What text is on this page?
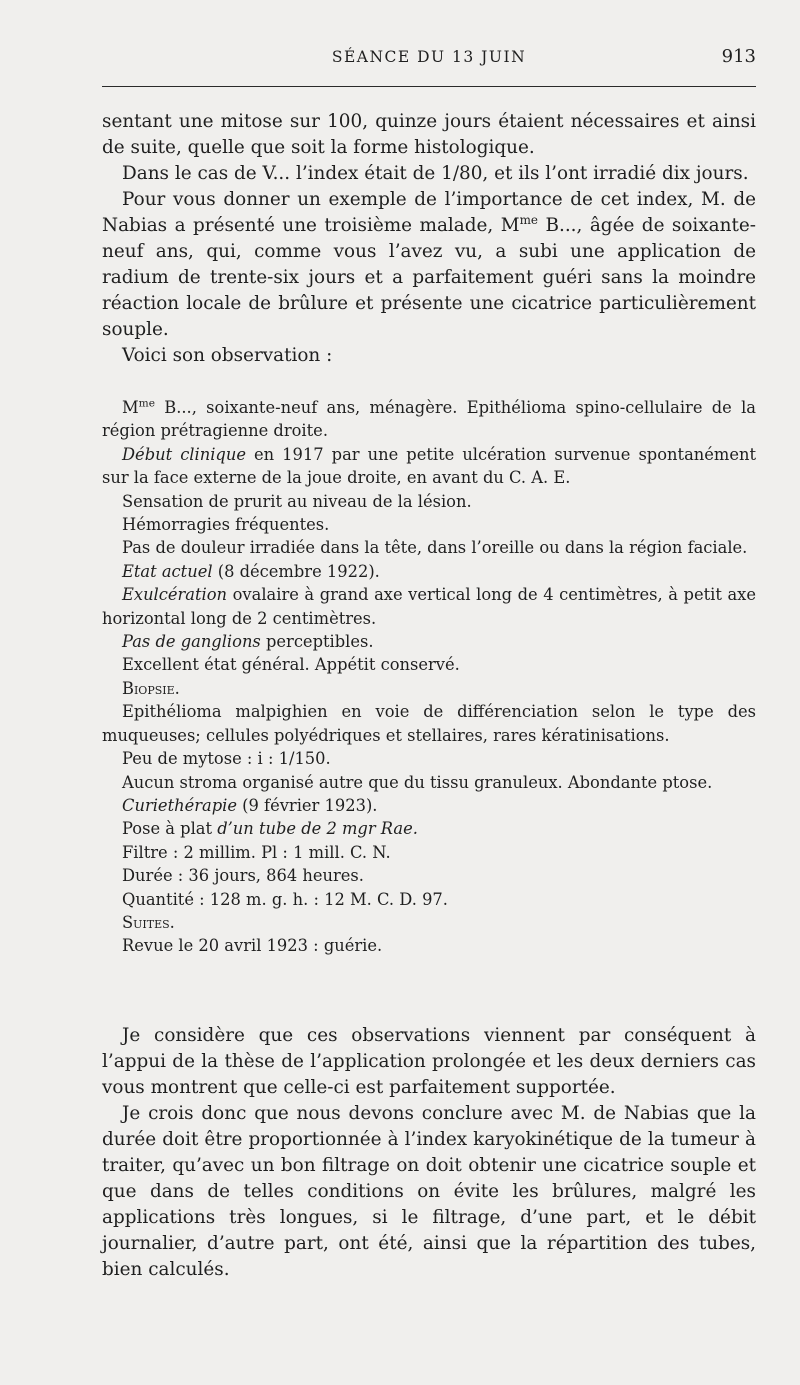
SÉANCE DU 13 JUIN	913

sentant une mitose sur 100, quinze jours étaient nécessaires et ainsi de suite, quelle que soit la forme histologique.

Dans le cas de V... l’index était de 1/80, et ils l’ont irradié dix jours.

Pour vous donner un exemple de l’importance de cet index, M. de Nabias a présenté une troisième malade, $M^{me}$ B..., âgée de soixante-neuf ans, qui, comme vous l’avez vu, a subi une application de radium de trente-six jours et a parfaitement guéri sans la moindre réaction locale de brûlure et présente une cicatrice particulièrement souple.

Voici son observation :

$M^{me}$ B..., soixante-neuf ans, ménagère. Epithélioma spino-cellulaire de la région prétragienne droite.

Début clinique en 1917 par une petite ulcération survenue spontanément sur la face externe de la joue droite, en avant du C. A. E.

Sensation de prurit au niveau de la lésion.

Hémorragies fréquentes.

Pas de douleur irradiée dans la tête, dans l’oreille ou dans la région faciale.

Etat actuel (8 décembre 1922).

Exulcération ovalaire à grand axe vertical long de 4 centimètres, à petit axe horizontal long de 2 centimètres.

Pas de ganglions perceptibles.

Excellent état général. Appétit conservé.

Biopsie.

Epithélioma malpighien en voie de différenciation selon le type des muqueuses; cellules polyédriques et stellaires, rares kératinisations.

Peu de mytose : i : 1/150.

Aucun stroma organisé autre que du tissu granuleux. Abondante ptose.

Curiethérapie (9 février 1923).

Pose à plat d’un tube de 2 mgr Rae.

Filtre : 2 millim. Pl : 1 mill. C. N.

Durée : 36 jours, 864 heures.

Quantité : 128 m. g. h. : 12 M. C. D. 97.

Suites.

Revue le 20 avril 1923 : guérie.

Je considère que ces observations viennent par conséquent à l’appui de la thèse de l’application prolongée et les deux derniers cas vous montrent que celle-ci est parfaitement supportée.

Je crois donc que nous devons conclure avec M. de Nabias que la durée doit être proportionnée à l’index karyokinétique de la tumeur à traiter, qu’avec un bon filtrage on doit obtenir une cicatrice souple et que dans de telles conditions on évite les brûlures, malgré les applications très longues, si le filtrage, d’une part, et le débit journalier, d’autre part, ont été, ainsi que la répartition des tubes, bien calculés.
